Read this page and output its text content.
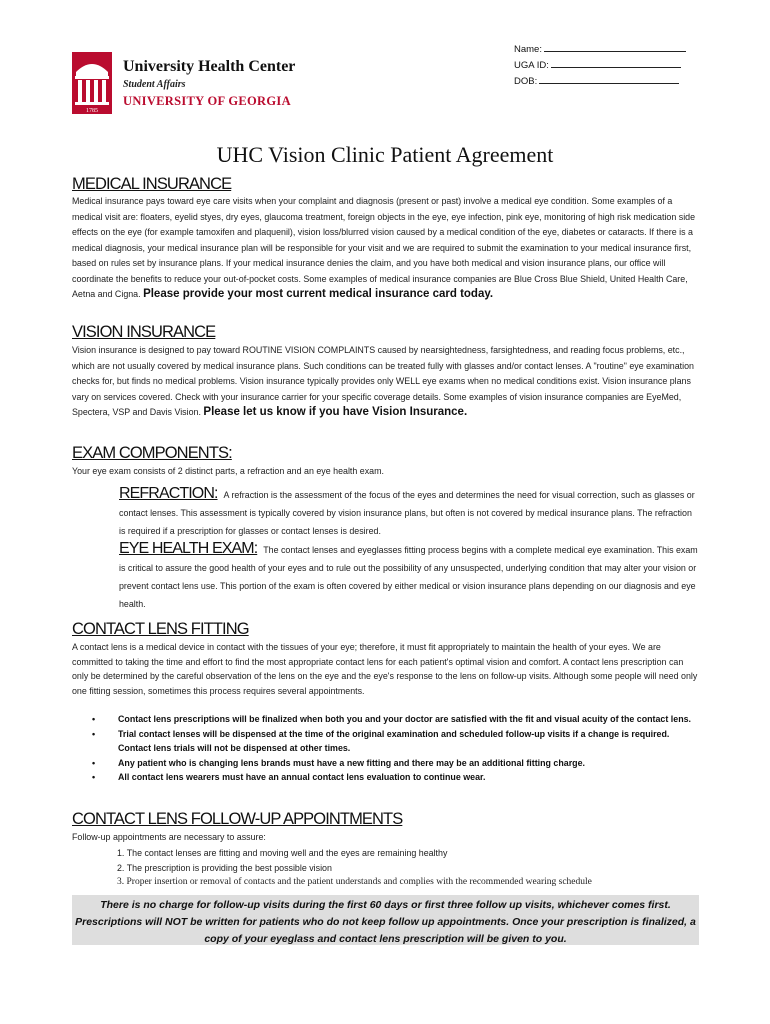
1785
University Health Center
Student Affairs
UNIVERSITY OF GEORGIA
Name:
UGA ID:
DOB:
UHC Vision Clinic Patient Agreement
MEDICAL INSURANCE
Medical insurance pays toward eye care visits when your complaint and diagnosis (present or past) involve a medical eye condition. Some examples of a medical visit are: floaters, eyelid styes, dry eyes, glaucoma treatment, foreign objects in the eye, eye infection, pink eye, monitoring of high risk medication side effects on the eye (for example tamoxifen and plaquenil), vision loss/blurred vision caused by a medical condition of the eye, diabetes or cataracts. If there is a medical diagnosis, your medical insurance plan will be responsible for your visit and we are required to submit the examination to your medical insurance first, based on rules set by insurance plans. If your medical insurance denies the claim, and you have both medical and vision insurance plans, our office will coordinate the benefits to reduce your out-of-pocket costs. Some examples of medical insurance companies are Blue Cross Blue Shield, United Health Care, Aetna and Cigna. Please provide your most current medical insurance card today.
VISION INSURANCE
Vision insurance is designed to pay toward ROUTINE VISION COMPLAINTS caused by nearsightedness, farsightedness, and reading focus problems, etc., which are not usually covered by medical insurance plans. Such conditions can be treated fully with glasses and/or contact lenses. A "routine" eye examination checks for, but finds no medical problems. Vision insurance typically provides only WELL eye exams when no medical conditions exist. Vision insurance plans vary on services covered. Check with your insurance carrier for your specific coverage details. Some examples of vision insurance companies are EyeMed, Spectera, VSP and Davis Vision. Please let us know if you have Vision Insurance.
EXAM COMPONENTS:
Your eye exam consists of 2 distinct parts, a refraction and an eye health exam.
REFRACTION: A refraction is the assessment of the focus of the eyes and determines the need for visual correction, such as glasses or contact lenses. This assessment is typically covered by vision insurance plans, but often is not covered by medical insurance plans. The refraction is required if a prescription for glasses or contact lenses is desired.
EYE HEALTH EXAM: The contact lenses and eyeglasses fitting process begins with a complete medical eye examination. This exam is critical to assure the good health of your eyes and to rule out the possibility of any unsuspected, underlying condition that may alter your vision or prevent contact lens use. This portion of the exam is often covered by either medical or vision insurance plans depending on our diagnosis and eye health.
CONTACT LENS FITTING
A contact lens is a medical device in contact with the tissues of your eye; therefore, it must fit appropriately to maintain the health of your eyes. We are committed to taking the time and effort to find the most appropriate contact lens for each patient's optimal vision and comfort. A contact lens prescription can only be determined by the careful observation of the lens on the eye and the eye's response to the lens on follow-up visits. Although some people will need only one fitting session, sometimes this process requires several appointments.
•	Contact lens prescriptions will be finalized when both you and your doctor are satisfied with the fit and visual acuity of the contact lens.
•	Trial contact lenses will be dispensed at the time of the original examination and scheduled follow-up visits if a change is required. Contact lens trials will not be dispensed at other times.
•	Any patient who is changing lens brands must have a new fitting and there may be an additional fitting charge.
•	All contact lens wearers must have an annual contact lens evaluation to continue wear.
CONTACT LENS FOLLOW-UP APPOINTMENTS
Follow-up appointments are necessary to assure:
1. The contact lenses are fitting and moving well and the eyes are remaining healthy
2. The prescription is providing the best possible vision
3. Proper insertion or removal of contacts and the patient understands and complies with the recommended wearing schedule
There is no charge for follow-up visits during the first 60 days or first three follow up visits, whichever comes first. Prescriptions will NOT be written for patients who do not keep follow up appointments. Once your prescription is finalized, a copy of your eyeglass and contact lens prescription will be given to you.
